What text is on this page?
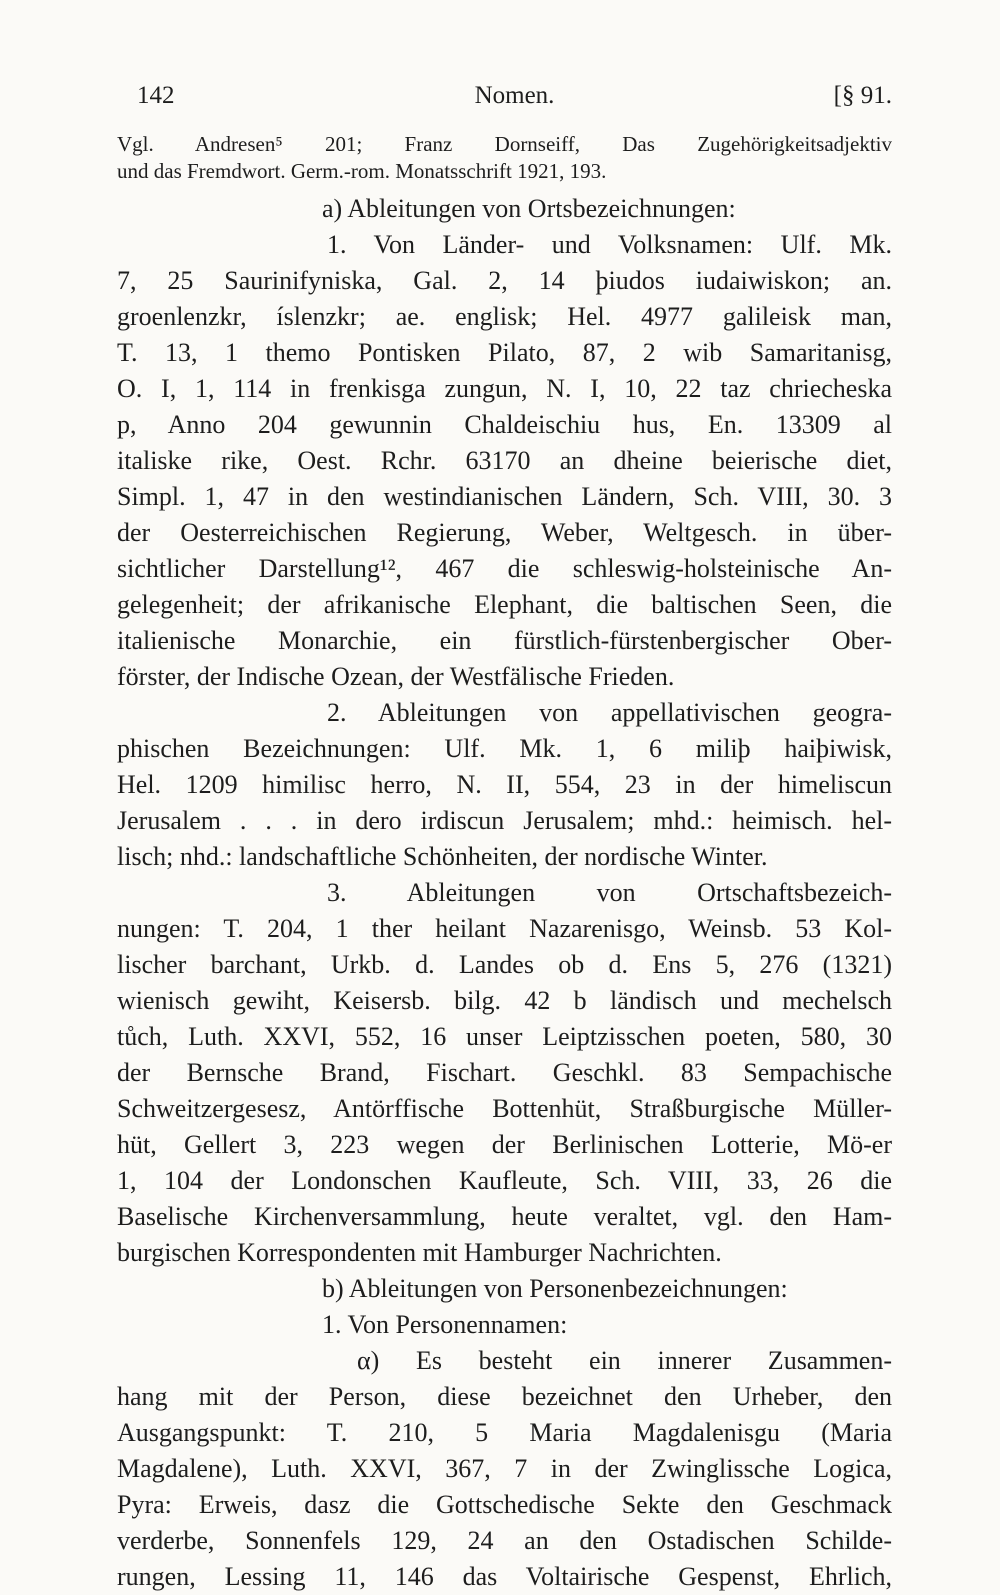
142	Nomen.	[§ 91.
Vgl. Andresen⁵ 201; Franz Dornseiff, Das Zugehörigkeitsadjektiv
und das Fremdwort. Germ.-rom. Monatsschrift 1921, 193.
a) Ableitungen von Ortsbezeichnungen:
1. Von Länder- und Volksnamen: Ulf. Mk.
7, 25 Saurinifyniska, Gal. 2, 14 þiudos iudaiwiskon; an.
groenlenzkr, íslenzkr; ae. englisk; Hel. 4977 galileisk man,
T. 13, 1 themo Pontisken Pilato, 87, 2 wib Samaritanisg,
O. I, 1, 114 in frenkisga zungun, N. I, 10, 22 taz chriecheska
p, Anno 204 gewunnin Chaldeischiu hus, En. 13309 al
italiske rike, Oest. Rchr. 63170 an dheine beierische diet,
Simpl. 1, 47 in den westindianischen Ländern, Sch. VIII, 30. 3
der Oesterreichischen Regierung, Weber, Weltgesch. in über-
sichtlicher Darstellung¹², 467 die schleswig-holsteinische An-
gelegenheit; der afrikanische Elephant, die baltischen Seen, die
italienische Monarchie, ein fürstlich-fürstenbergischer Ober-
förster, der Indische Ozean, der Westfälische Frieden.
2. Ableitungen von appellativischen geogra-
phischen Bezeichnungen: Ulf. Mk. 1, 6 miliþ haiþiwisk,
Hel. 1209 himilisc herro, N. II, 554, 23 in der himeliscun
Jerusalem . . . in dero irdiscun Jerusalem; mhd.: heimisch. hel-
lisch; nhd.: landschaftliche Schönheiten, der nordische Winter.
3. Ableitungen von Ortschaftsbezeich-
nungen: T. 204, 1 ther heilant Nazarenisgo, Weinsb. 53 Kol-
lischer barchant, Urkb. d. Landes ob d. Ens 5, 276 (1321)
wienisch gewiht, Keisersb. bilg. 42 b ländisch und mechelsch
tůch, Luth. XXVI, 552, 16 unser Leiptzisschen poeten, 580, 30
der Bernsche Brand, Fischart. Geschkl. 83 Sempachische
Schweitzergesesz, Antörffische Bottenhüt, Straßburgische Müller-
hüt, Gellert 3, 223 wegen der Berlinischen Lotterie, Mö-er
1, 104 der Londonschen Kaufleute, Sch. VIII, 33, 26 die
Baselische Kirchenversammlung, heute veraltet, vgl. den Ham-
burgischen Korrespondenten mit Hamburger Nachrichten.
b) Ableitungen von Personenbezeichnungen:
1. Von Personennamen:
α) Es besteht ein innerer Zusammen-
hang mit der Person, diese bezeichnet den Urheber, den
Ausgangspunkt: T. 210, 5 Maria Magdalenisgu (Maria
Magdalene), Luth. XXVI, 367, 7 in der Zwinglissche Logica,
Pyra: Erweis, dasz die Gottschedische Sekte den Geschmack
verderbe, Sonnenfels 129, 24 an den Ostadischen Schilde-
rungen, Lessing 11, 146 das Voltairische Gespenst, Ehrlich,
